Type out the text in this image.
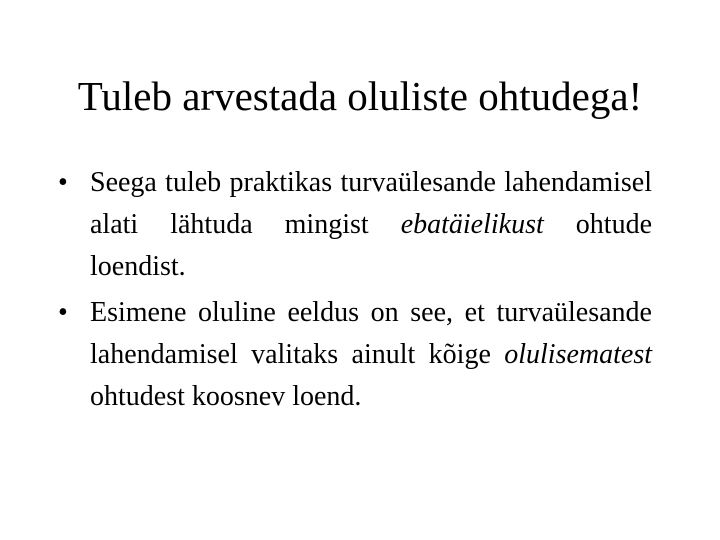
Tuleb arvestada oluliste ohtudega!
• Seega tuleb praktikas turvaülesande lahendamisel alati lähtuda mingist ebatäielikust ohtude loendist.
• Esimene oluline eeldus on see, et turvaülesande lahendamisel valitaks ainult kõige olulisematest ohtudest koosnev loend.
